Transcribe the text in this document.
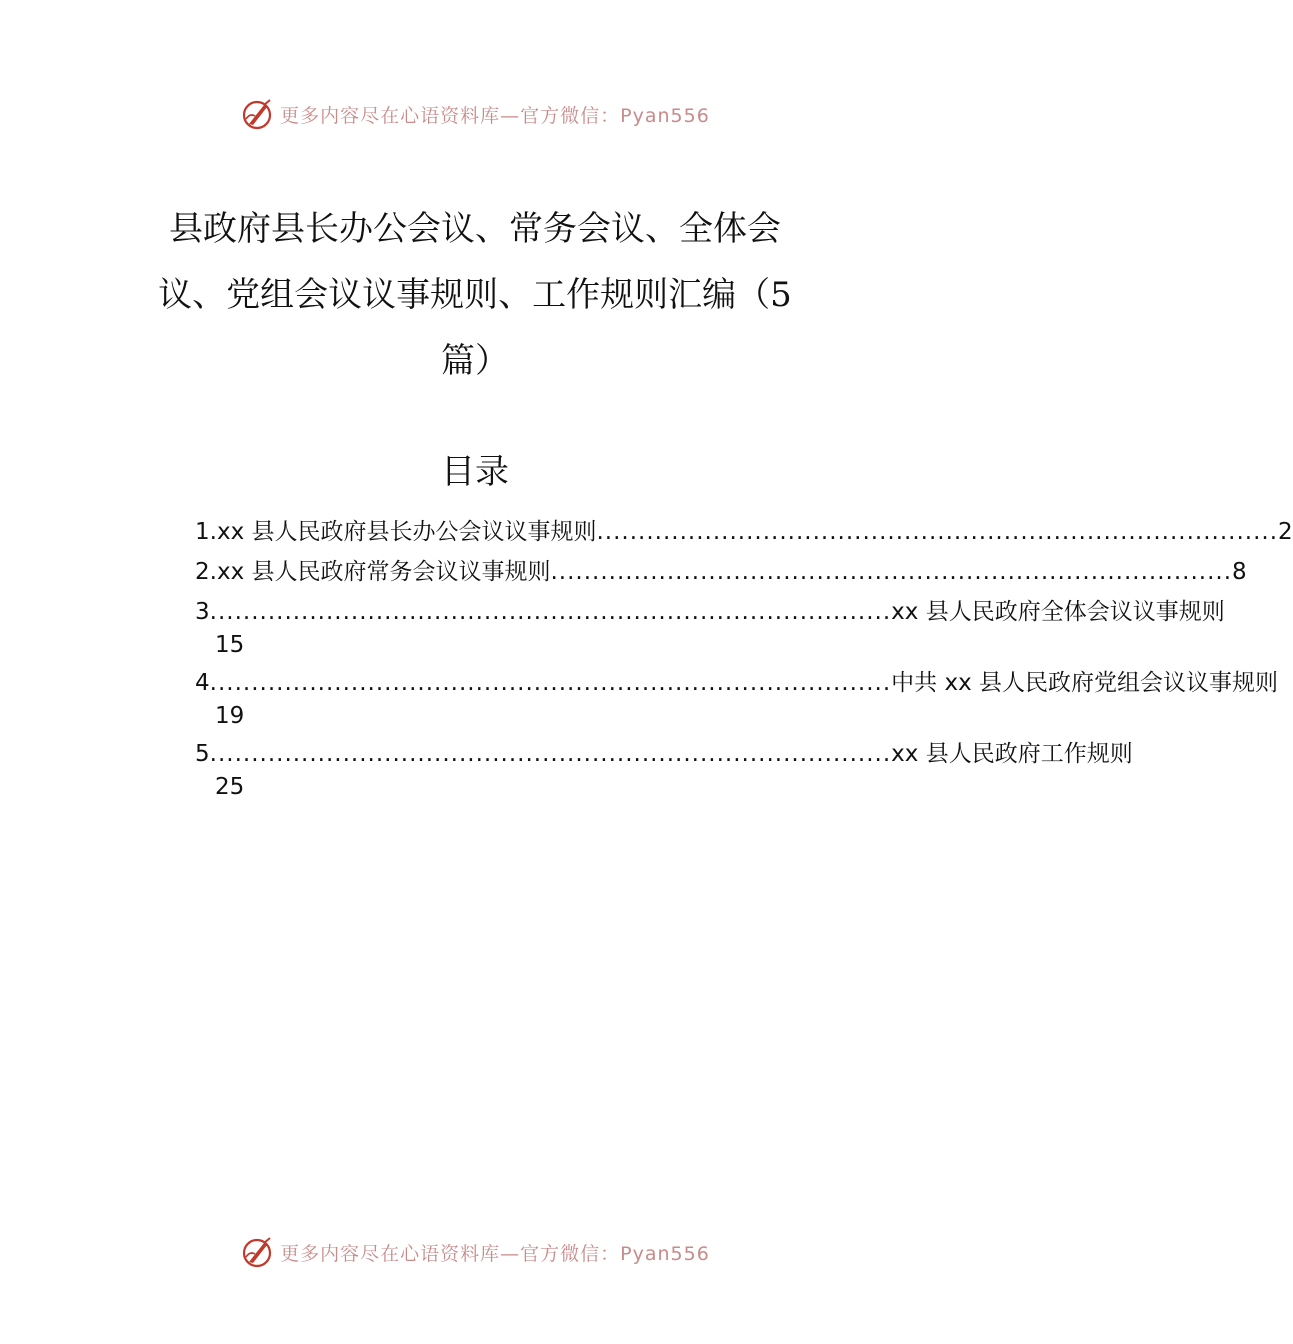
更多内容尽在心语资料库—官方微信：Pyan556
县政府县长办公会议、常务会议、全体会议、党组会议议事规则、工作规则汇编（5篇）
目录
1. xx 县人民政府县长办公会议议事规则 .................................................................................. 2
2. xx 县人民政府常务会议议事规则 .................................................................................. 8
3 .................................................................................. xx 县人民政府全体会议议事规则
15
4 .................................................................................. 中共 xx 县人民政府党组会议议事规则
19
5 .................................................................................. xx 县人民政府工作规则
25
更多内容尽在心语资料库—官方微信：Pyan556
